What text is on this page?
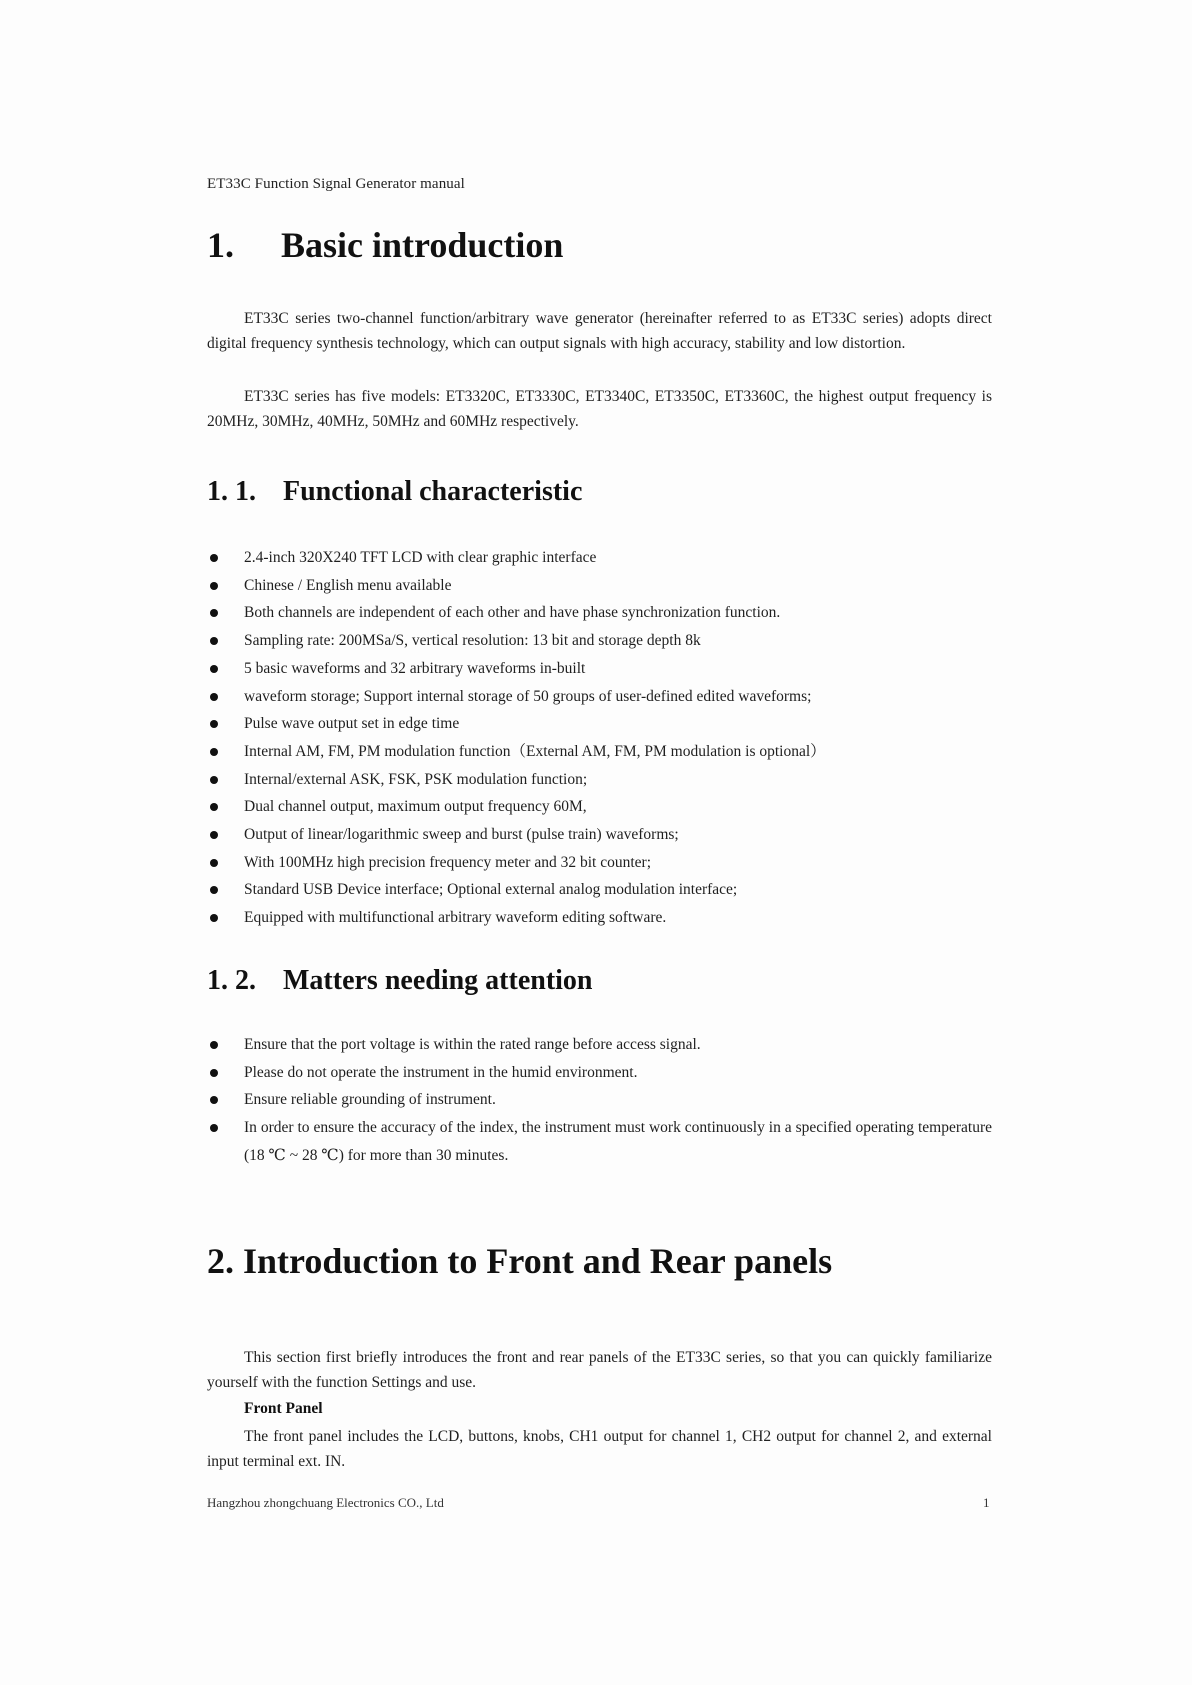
ET33C Function Signal Generator manual
1. Basic introduction

ET33C series two-channel function/arbitrary wave generator (hereinafter referred to as ET33C series) adopts direct digital frequency synthesis technology, which can output signals with high accuracy, stability and low distortion.

ET33C series has five models: ET3320C, ET3330C, ET3340C, ET3350C, ET3360C, the highest output frequency is 20MHz, 30MHz, 40MHz, 50MHz and 60MHz respectively.

1. 1. Functional characteristic
2.4-inch 320X240 TFT LCD with clear graphic interface
Chinese / English menu available
Both channels are independent of each other and have phase synchronization function.
Sampling rate: 200MSa/S, vertical resolution: 13 bit and storage depth 8k
5 basic waveforms and 32 arbitrary waveforms in-built
waveform storage; Support internal storage of 50 groups of user-defined edited waveforms;
Pulse wave output set in edge time
Internal AM, FM, PM modulation function（External AM, FM, PM modulation is optional）
Internal/external ASK, FSK, PSK modulation function;
Dual channel output, maximum output frequency 60M,
Output of linear/logarithmic sweep and burst (pulse train) waveforms;
With 100MHz high precision frequency meter and 32 bit counter;
Standard USB Device interface; Optional external analog modulation interface;
Equipped with multifunctional arbitrary waveform editing software.
1. 2. Matters needing attention
Ensure that the port voltage is within the rated range before access signal.
Please do not operate the instrument in the humid environment.
Ensure reliable grounding of instrument.
In order to ensure the accuracy of the index, the instrument must work continuously in a specified operating temperature (18 ℃ ~ 28 ℃) for more than 30 minutes.
2. Introduction to Front and Rear panels

This section first briefly introduces the front and rear panels of the ET33C series, so that you can quickly familiarize yourself with the function Settings and use.

Front Panel

The front panel includes the LCD, buttons, knobs, CH1 output for channel 1, CH2 output for channel 2, and external input terminal ext. IN.

Hangzhou zhongchuang Electronics CO., Ltd	1
